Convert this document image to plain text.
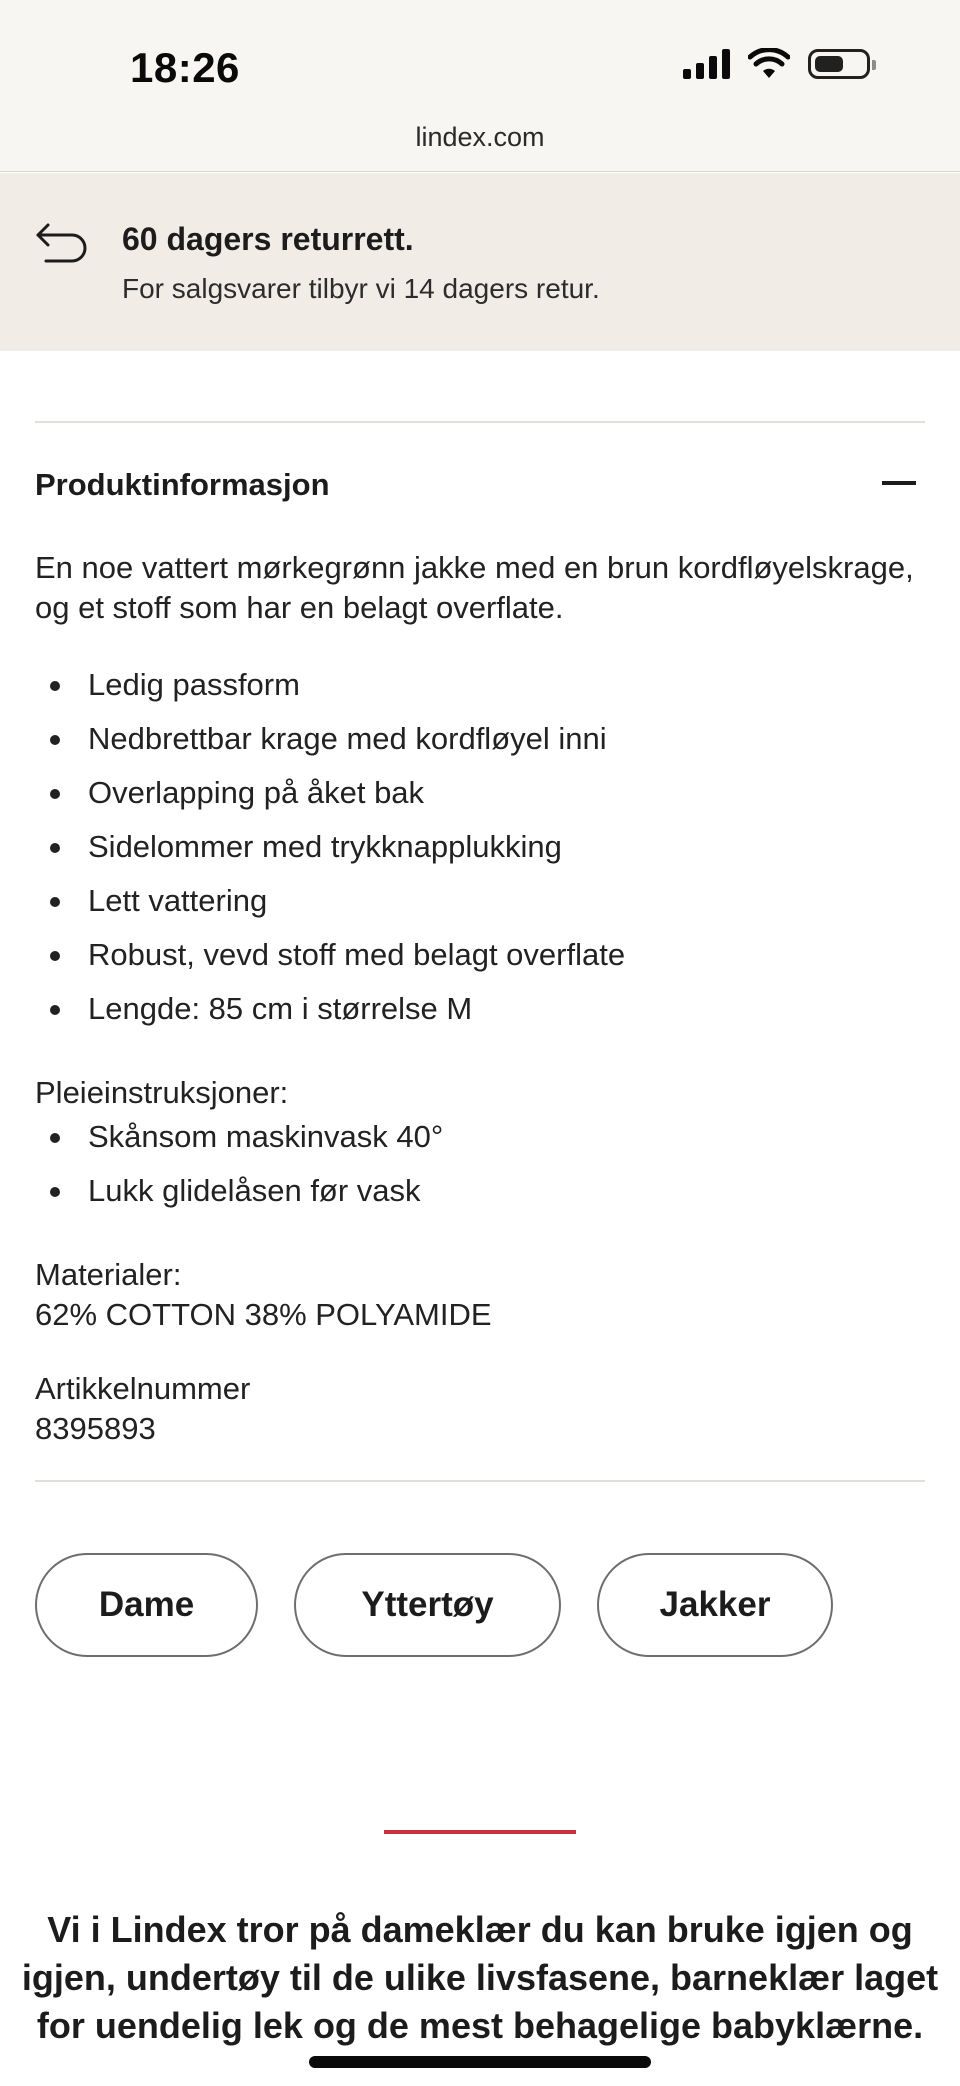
18:26
lindex.com
60 dagers returrett.
For salgsvarer tilbyr vi 14 dagers retur.
Produktinformasjon
En noe vattert mørkegrønn jakke med en brun kordfløyelskrage, og et stoff som har en belagt overflate.
Ledig passform
Nedbrettbar krage med kordfløyel inni
Overlapping på åket bak
Sidelommer med trykknapplukking
Lett vattering
Robust, vevd stoff med belagt overflate
Lengde: 85 cm i størrelse M
Pleieinstruksjoner:
Skånsom maskinvask 40°
Lukk glidelåsen før vask
Materialer:
62% COTTON 38% POLYAMIDE
Artikkelnummer
8395893
Dame	Yttertøy	Jakker
Vi i Lindex tror på dameklær du kan bruke igjen og igjen, undertøy til de ulike livsfasene, barneklær laget for uendelig lek og de mest behagelige babyklærne.
